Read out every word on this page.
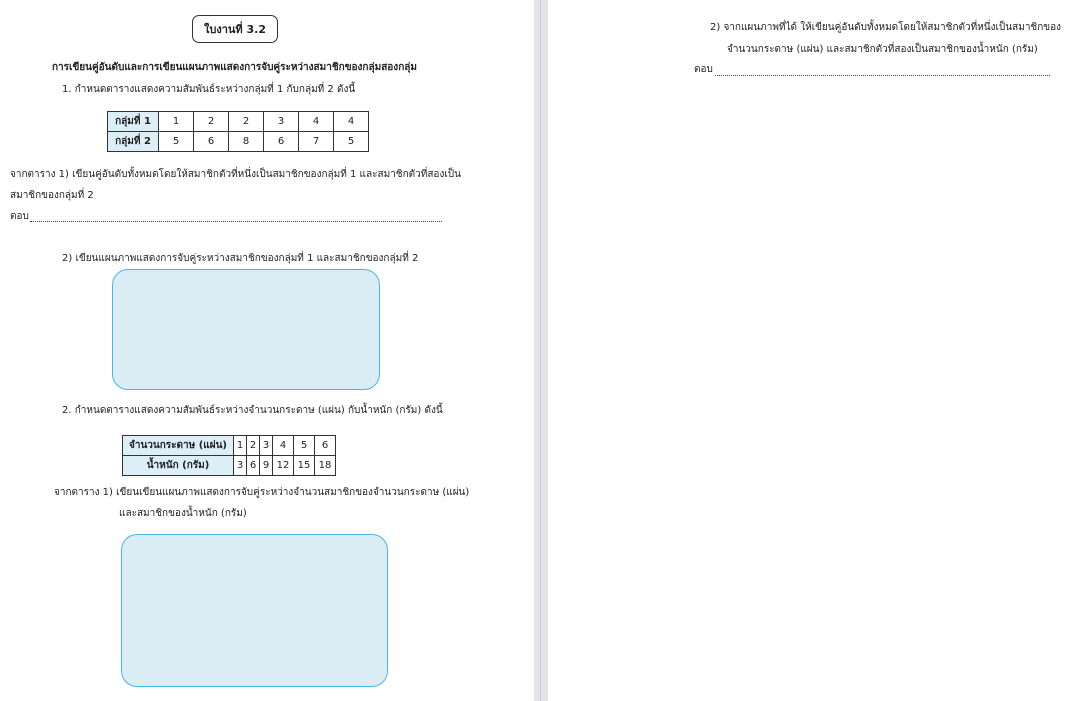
ใบงานที่ 3.2
การเขียนคู่อันดับและการเขียนแผนภาพแสดงการจับคู่ระหว่างสมาชิกของกลุ่มสองกลุ่ม
1. กำหนดตารางแสดงความสัมพันธ์ระหว่างกลุ่มที่ 1 กับกลุ่มที่ 2 ดังนี้
กลุ่มที่ 1	1	2	2	3	4	4
กลุ่มที่ 2	5	6	8	6	7	5
จากตาราง 1) เขียนคู่อันดับทั้งหมดโดยให้สมาชิกตัวที่หนึ่งเป็นสมาชิกของกลุ่มที่ 1 และสมาชิกตัวที่สองเป็น
สมาชิกของกลุ่มที่ 2
ตอบ
2) เขียนแผนภาพแสดงการจับคู่ระหว่างสมาชิกของกลุ่มที่ 1 และสมาชิกของกลุ่มที่ 2
2. กำหนดตารางแสดงความสัมพันธ์ระหว่างจำนวนกระดาษ (แผ่น) กับน้ำหนัก (กรัม) ดังนี้
จำนวนกระดาษ (แผ่น)	1	2	3	4	5	6
น้ำหนัก (กรัม)	3	6	9	12	15	18
จากตาราง 1) เขียนเขียนแผนภาพแสดงการจับคู่ระหว่างจำนวนสมาชิกของจำนวนกระดาษ (แผ่น)
และสมาชิกของน้ำหนัก (กรัม)
2) จากแผนภาพที่ได้ ให้เขียนคู่อันดับทั้งหมดโดยให้สมาชิกตัวที่หนึ่งเป็นสมาชิกของ
จำนวนกระดาษ (แผ่น) และสมาชิกตัวที่สองเป็นสมาชิกของน้ำหนัก (กรัม)
ตอบ
